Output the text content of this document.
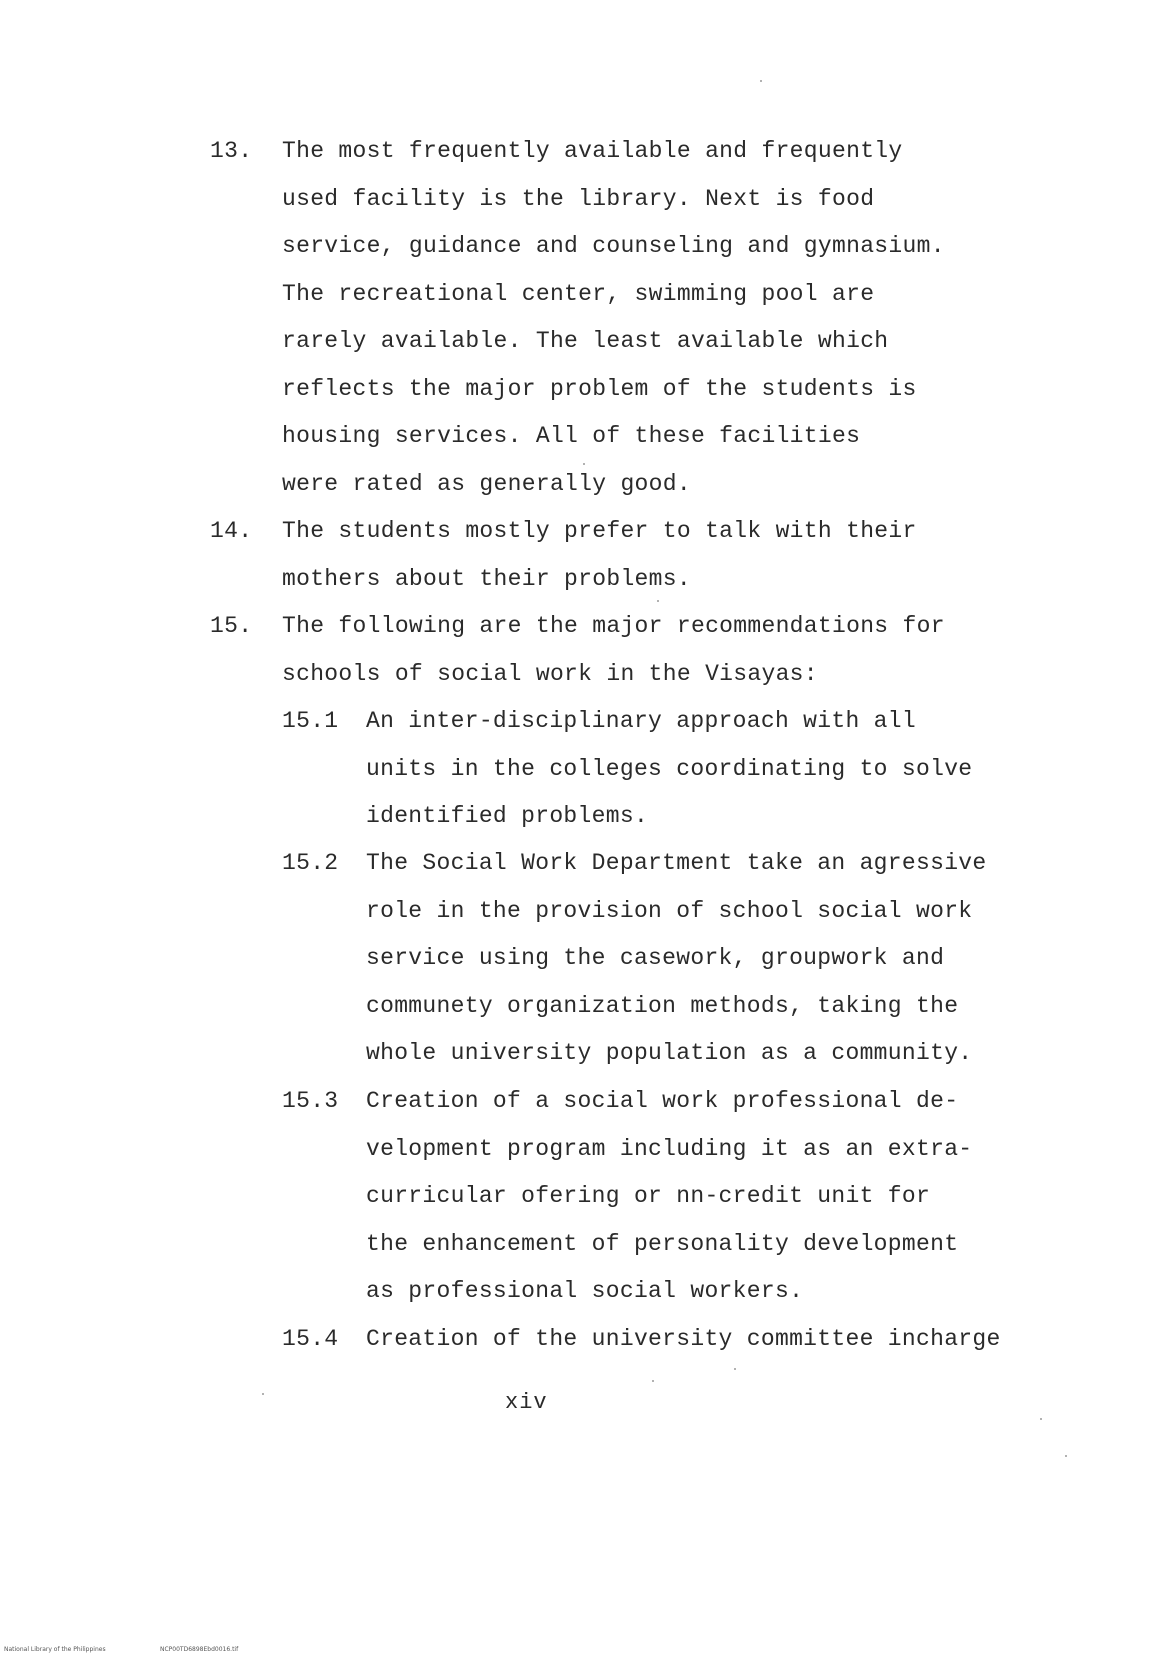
13. The most frequently available and frequently
used facility is the library. Next is food
service, guidance and counseling and gymnasium.
The recreational center, swimming pool are
rarely available. The least available which
reflects the major problem of the students is
housing services. All of these facilities
were rated as generally good.
14. The students mostly prefer to talk with their
mothers about their problems.
15. The following are the major recommendations for
schools of social work in the Visayas:
15.1 An inter-disciplinary approach with all
units in the colleges coordinating to solve
identified problems.
15.2 The Social Work Department take an agressive
role in the provision of school social work
service using the casework, groupwork and
communety organization methods, taking the
whole university population as a community.
15.3 Creation of a social work professional de-
velopment program including it as an extra-
curricular ofering or nn-credit unit for
the enhancement of personality development
as professional social workers.
15.4 Creation of the university committee incharge
xiv
National Library of the Philippines	NCP00TD6898Ebd0016.tif
